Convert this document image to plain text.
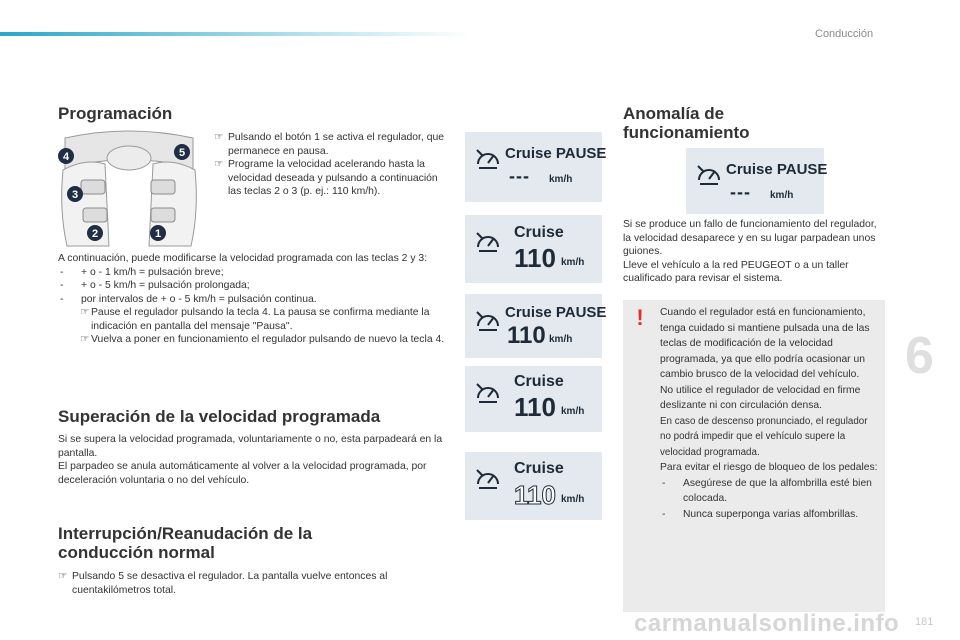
Conducción
Programación
4	5
3
2	1
☞ Pulsando el botón 1 se activa el regulador, que permanece en pausa.
☞ Programe la velocidad acelerando hasta la velocidad deseada y pulsando a continuación las teclas 2 o 3 (p. ej.: 110 km/h).
A continuación, puede modificarse la velocidad programada con las teclas 2 y 3:
- + o - 1 km/h = pulsación breve;
- + o - 5 km/h = pulsación prolongada;
- por intervalos de + o - 5 km/h = pulsación continua.
☞ Pause el regulador pulsando la tecla 4. La pausa se confirma mediante la indicación en pantalla del mensaje "Pausa".
☞ Vuelva a poner en funcionamiento el regulador pulsando de nuevo la tecla 4.
Superación de la velocidad programada
Si se supera la velocidad programada, voluntariamente o no, esta parpadeará en la pantalla.
El parpadeo se anula automáticamente al volver a la velocidad programada, por deceleración voluntaria o no del vehículo.
Interrupción/Reanudación de la
conducción normal
☞ Pulsando 5 se desactiva el regulador. La pantalla vuelve entonces al cuentakilómetros total.
Cruise PAUSE
--- km/h
Cruise
110 km/h
Cruise PAUSE
110 km/h
Cruise
110 km/h
Cruise
110 km/h
Anomalía de
funcionamiento
Cruise PAUSE
--- km/h
Si se produce un fallo de funcionamiento del regulador, la velocidad desaparece y en su lugar parpadean unos guiones.
Lleve el vehículo a la red PEUGEOT o a un taller cualificado para revisar el sistema.
! Cuando el regulador está en funcionamiento, tenga cuidado si mantiene pulsada una de las teclas de modificación de la velocidad programada, ya que ello podría ocasionar un cambio brusco de la velocidad del vehículo.
No utilice el regulador de velocidad en firme deslizante ni con circulación densa.
En caso de descenso pronunciado, el regulador no podrá impedir que el vehículo supere la velocidad programada.
Para evitar el riesgo de bloqueo de los pedales:
- Asegúrese de que la alfombrilla esté bien colocada.
- Nunca superponga varias alfombrillas.
6
carmanualsonline.info 181
